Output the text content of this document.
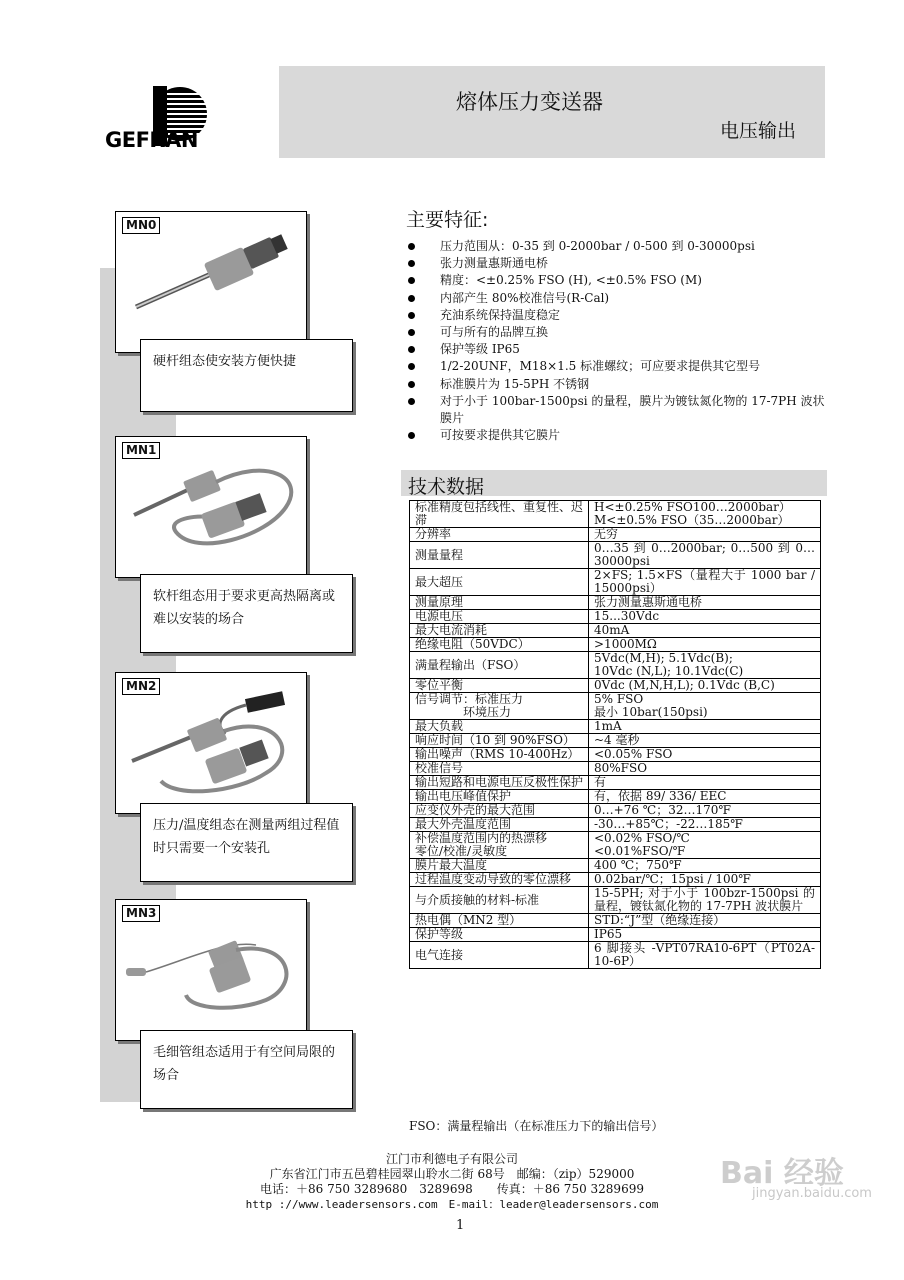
GEFRAN
熔体压力变送器
电压输出
MN0
硬杆组态使安装方便快捷
MN1
软杆组态用于要求更高热隔离或难以安装的场合
MN2
压力/温度组态在测量两组过程值时只需要一个安装孔
MN3
毛细管组态适用于有空间局限的场合
主要特征:
压力范围从：0-35 到 0-2000bar / 0-500 到 0-30000psi
张力测量惠斯通电桥
精度：<±0.25% FSO (H), <±0.5% FSO (M)
内部产生 80%校准信号(R-Cal)
充油系统保持温度稳定
可与所有的品牌互换
保护等级 IP65
1/2-20UNF，M18×1.5 标准螺纹；可应要求提供其它型号
标准膜片为 15-5PH 不锈钢
对于小于 100bar-1500psi 的量程，膜片为镀钛氮化物的 17-7PH 波状膜片
可按要求提供其它膜片
技术数据
标准精度包括线性、重复性、迟滞	H<±0.25% FSO100…2000bar）
M<±0.5% FSO（35…2000bar）
分辨率	无穷
测量量程	0…35 到 0…2000bar; 0…500 到 0…30000psi
最大超压	2×FS; 1.5×FS（量程大于 1000 bar / 15000psi）
测量原理	张力测量惠斯通电桥
电源电压	15...30Vdc
最大电流消耗	40mA
绝缘电阻（50VDC）	>1000MΩ
满量程输出（FSO）	5Vdc(M,H); 5.1Vdc(B);
10Vdc (N,L); 10.1Vdc(C)
零位平衡	0Vdc (M,N,H,L); 0.1Vdc (B,C)
信号调节：标准压力
　　　　环境压力	5% FSO
最小 10bar(150psi)
最大负载	1mA
响应时间（10 到 90%FSO）	~4 毫秒
输出噪声（RMS 10-400Hz）	<0.05% FSO
校准信号	80%FSO
输出短路和电源电压反极性保护	有
输出电压峰值保护	有，依据 89/ 336/ EEC
应变仪外壳的最大范围	0…+76 ℃；32…170℉
最大外壳温度范围	-30…+85℃；-22…185℉
补偿温度范围内的热漂移
零位/校准/灵敏度	<0.02% FSO/℃
<0.01%FSO/℉
膜片最大温度	400 ℃；750℉
过程温度变动导致的零位漂移	0.02bar/℃；15psi / 100℉
与介质接触的材料-标准	15-5PH; 对于小于 100bzr-1500psi 的量程，镀钛氮化物的 17-7PH 波状膜片
热电偶（MN2 型）	STD:“J”型（绝缘连接）
保护等级	IP65
电气连接	6 脚接头 -VPT07RA10-6PT（PT02A-10-6P）
FSO：满量程输出（在标准压力下的输出信号）
江门市利德电子有限公司
广东省江门市五邑碧桂园翠山聆水二街 68号　邮编：（zip）529000
电话：＋86 750 3289680　3289698　　传真：＋86 750 3289699
http ://www.leadersensors.com　E-mail：leader@leadersensors.com
1
Bai 经验
jingyan.baidu.com
